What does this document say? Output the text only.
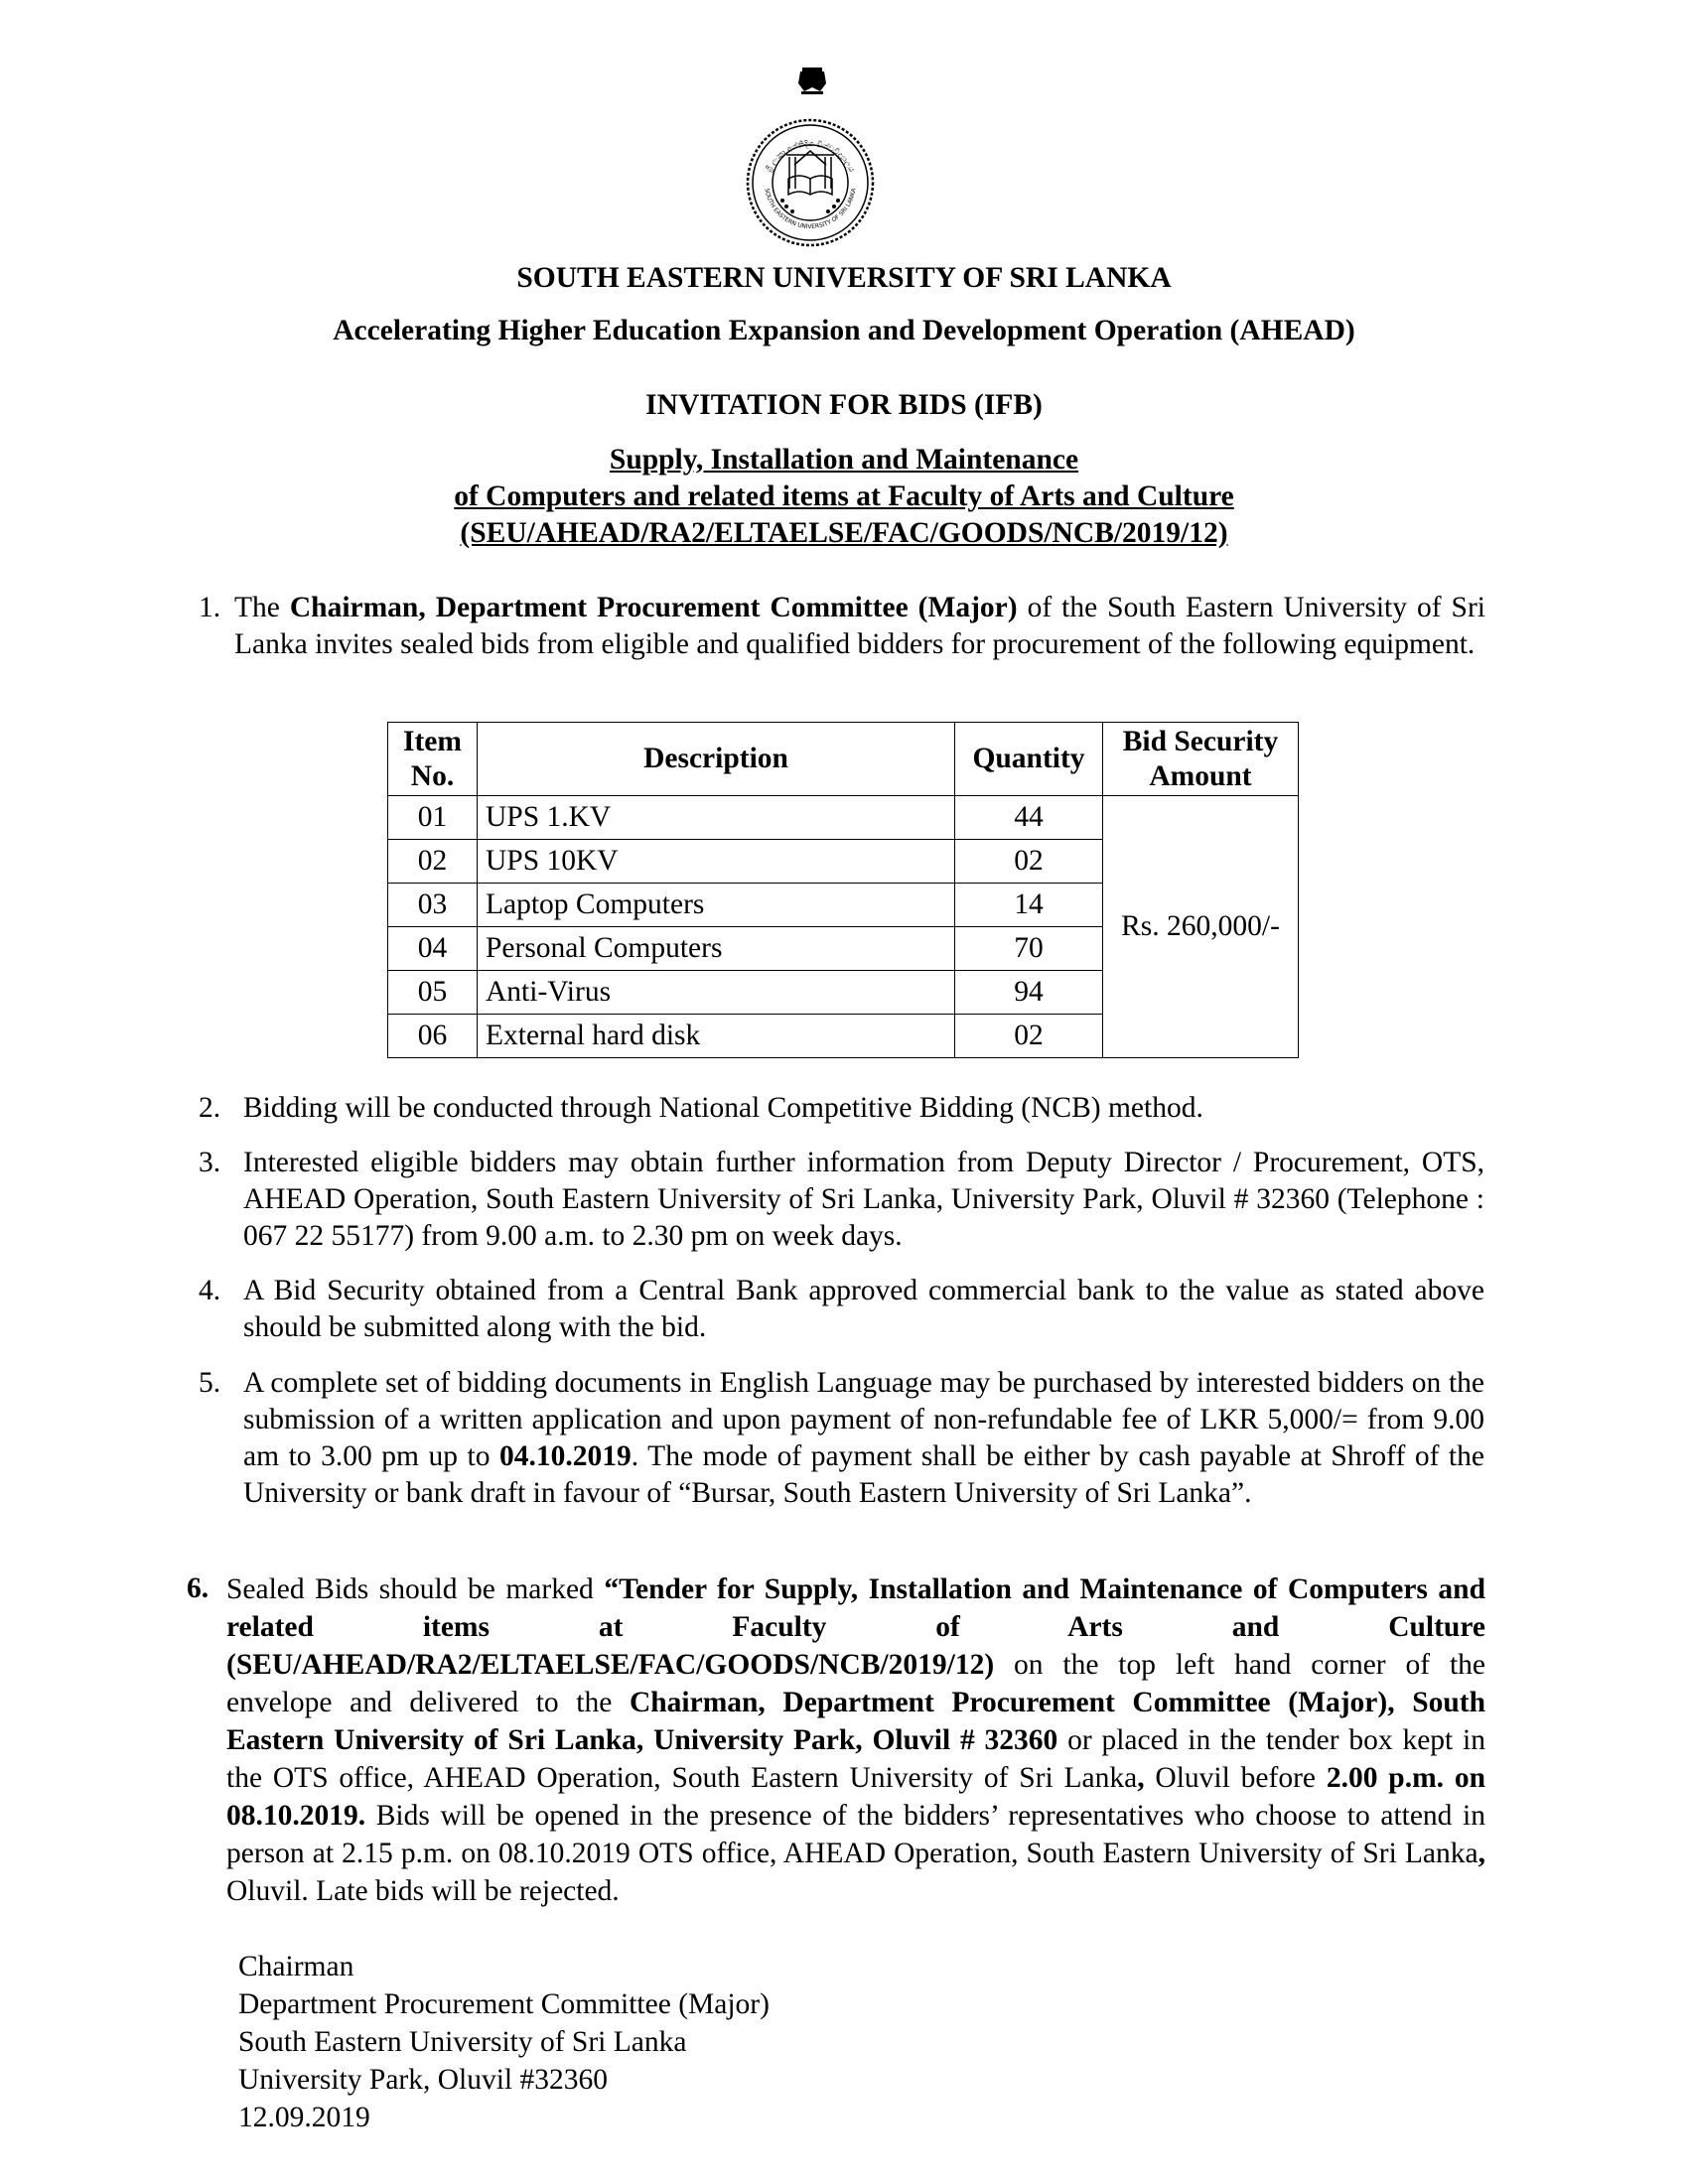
ශ්‍රී ලංකා අග්නිදිග විශ්වවිද්‍යාලය
SOUTH EASTERN UNIVERSITY OF SRI LANKA
SOUTH EASTERN UNIVERSITY OF SRI LANKA
Accelerating Higher Education Expansion and Development Operation (AHEAD)
INVITATION FOR BIDS (IFB)
Supply, Installation and Maintenance
of Computers and related items at Faculty of Arts and Culture
(SEU/AHEAD/RA2/ELTAELSE/FAC/GOODS/NCB/2019/12)
1. The Chairman, Department Procurement Committee (Major) of the South Eastern University of Sri Lanka invites sealed bids from eligible and qualified bidders for procurement of the following equipment.
Item No.	Description	Quantity	Bid Security Amount
01	UPS 1.KV	44	Rs. 260,000/-
02	UPS 10KV	02	
03	Laptop Computers	14	
04	Personal Computers	70	
05	Anti-Virus	94	
06	External hard disk	02	
2. Bidding will be conducted through National Competitive Bidding (NCB) method.
3. Interested eligible bidders may obtain further information from Deputy Director / Procurement, OTS, AHEAD Operation, South Eastern University of Sri Lanka, University Park, Oluvil # 32360 (Telephone : 067 22 55177) from 9.00 a.m. to 2.30 pm on week days.
4. A Bid Security obtained from a Central Bank approved commercial bank to the value as stated above should be submitted along with the bid.
5. A complete set of bidding documents in English Language may be purchased by interested bidders on the submission of a written application and upon payment of non-refundable fee of LKR 5,000/= from 9.00 am to 3.00 pm up to 04.10.2019. The mode of payment shall be either by cash payable at Shroff of the University or bank draft in favour of “Bursar, South Eastern University of Sri Lanka”.
6. Sealed Bids should be marked “Tender for Supply, Installation and Maintenance of Computers and related items at Faculty of Arts and Culture (SEU/AHEAD/RA2/ELTAELSE/FAC/GOODS/NCB/2019/12) on the top left hand corner of the envelope and delivered to the Chairman, Department Procurement Committee (Major), South Eastern University of Sri Lanka, University Park, Oluvil # 32360 or placed in the tender box kept in the OTS office, AHEAD Operation, South Eastern University of Sri Lanka, Oluvil before 2.00 p.m. on 08.10.2019. Bids will be opened in the presence of the bidders’ representatives who choose to attend in person at 2.15 p.m. on 08.10.2019 OTS office, AHEAD Operation, South Eastern University of Sri Lanka, Oluvil. Late bids will be rejected.
Chairman
Department Procurement Committee (Major)
South Eastern University of Sri Lanka
University Park, Oluvil #32360
12.09.2019
